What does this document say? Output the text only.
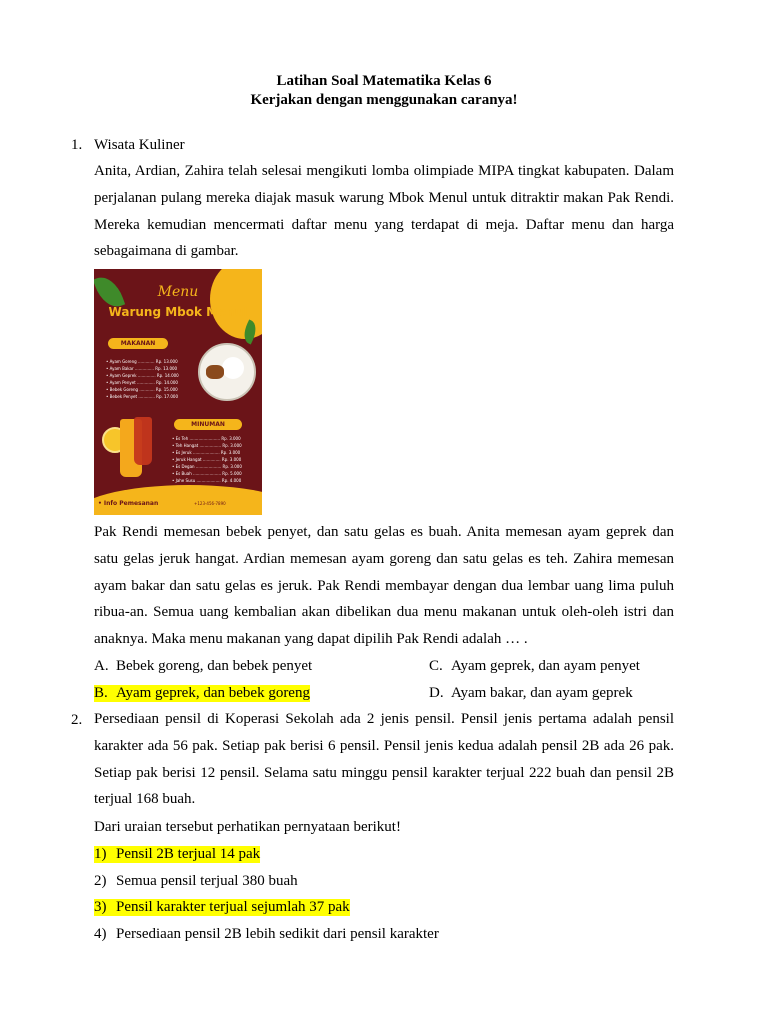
Latihan Soal Matematika Kelas 6
Kerjakan dengan menggunakan caranya!
1. Wisata Kuliner
Anita, Ardian, Zahira telah selesai mengikuti lomba olimpiade MIPA tingkat kabupaten. Dalam perjalanan pulang mereka diajak masuk warung Mbok Menul untuk ditraktir makan Pak Rendi. Mereka kemudian mencermati daftar menu yang terdapat di meja. Daftar menu dan harga sebagaimana di gambar.
Menu
Warung Mbok Menul
MAKANAN
• Ayam Goreng ............. Rp. 13.000
• Ayam Bakar ............... Rp. 13.000
• Ayam Geprek .............. Rp. 14.000
• Ayam Penyet .............. Rp. 14.000
• Bebek Goreng ............ Rp. 15.000
• Bebek Penyet ............. Rp. 17.000
MINUMAN
• Es Teh ........................ Rp. 3.000
• Teh Hangat ................. Rp. 3.000
• Es Jeruk ..................... Rp. 3.000
• Jeruk Hangat .............. Rp. 3.000
• Es Degan .................... Rp. 3.000
• Es Buah ...................... Rp. 5.000
• Jahe Susu ................... Rp. 4.000
• Info Pemesanan	+123-456-7890
Pak Rendi memesan bebek penyet, dan satu gelas es buah. Anita memesan ayam geprek dan satu gelas jeruk hangat. Ardian memesan ayam goreng dan satu gelas es teh. Zahira memesan ayam bakar dan satu gelas es jeruk. Pak Rendi membayar dengan dua lembar uang lima puluh ribua-an. Semua uang kembalian akan dibelikan dua menu makanan untuk oleh-oleh istri dan anaknya. Maka menu makanan yang dapat dipilih Pak Rendi adalah … .
A. Bebek goreng, dan bebek penyet	C. Ayam geprek, dan ayam penyet
B. Ayam geprek, dan bebek goreng	D. Ayam bakar, dan ayam geprek
2. Persediaan pensil di Koperasi Sekolah ada 2 jenis pensil. Pensil jenis pertama adalah pensil karakter ada 56 pak. Setiap pak berisi 6 pensil. Pensil jenis kedua adalah pensil 2B ada 26 pak. Setiap pak berisi 12 pensil. Selama satu minggu pensil karakter terjual 222 buah dan pensil 2B terjual 168 buah.
Dari uraian tersebut perhatikan pernyataan berikut!
1) Pensil 2B terjual 14 pak
2) Semua pensil terjual 380 buah
3) Pensil karakter terjual sejumlah 37 pak
4) Persediaan pensil 2B lebih sedikit dari pensil karakter
